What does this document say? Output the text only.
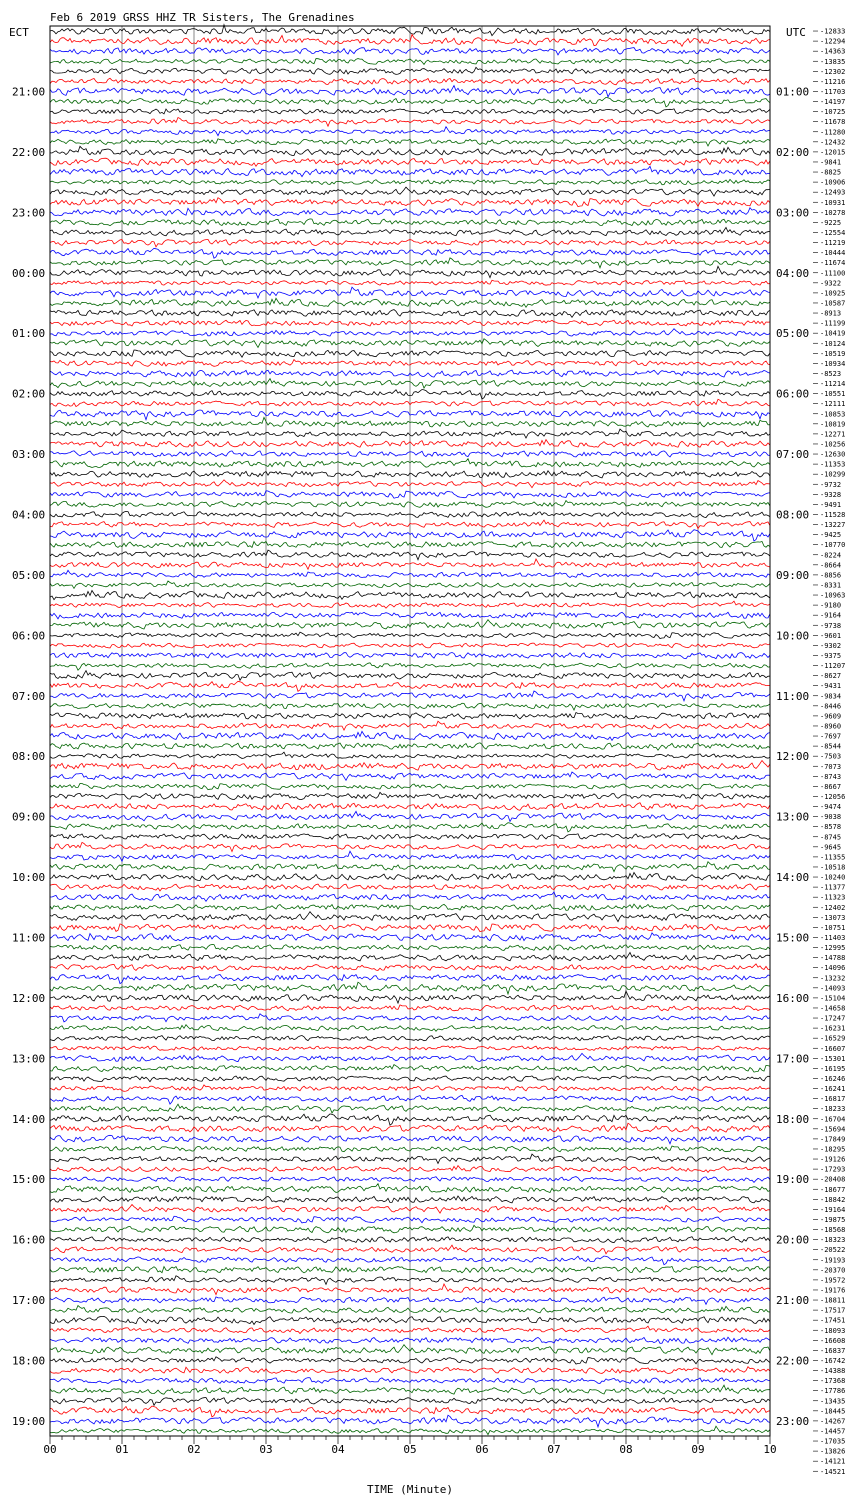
Feb 6 2019 GRSS HHZ TR Sisters, The Grenadines
ECT	UTC
21:00
22:00
23:00
00:00
01:00
02:00
03:00
04:00
05:00
06:00
07:00
08:00
09:00
10:00
11:00
12:00
13:00
14:00
15:00
16:00
17:00
18:00
19:00
01:00
02:00
03:00
04:00
05:00
06:00
07:00
08:00
09:00
10:00
11:00
12:00
13:00
14:00
15:00
16:00
17:00
18:00
19:00
20:00
21:00
22:00
23:00
-12833
-12294
-14363
-13835
-12302
-11216
-11703
-14197
-10725
-11678
-11280
-12432
-12015
-9841
-8825
-10906
-12493
-10931
-10278
-9225
-12554
-11219
-10444
-11674
-11100
-9322
-10925
-10587
-8913
-11199
-10419
-10124
-10519
-10934
-8523
-11214
-10551
-12111
-10853
-10819
-12271
-10256
-12630
-11353
-10299
-9732
-9328
-9491
-11528
-13227
-9425
-10770
-8224
-8664
-8856
-8331
-10963
-9180
-9164
-9738
-9601
-9302
-9375
-11207
-8627
-9431
-9834
-8446
-9609
-8960
-7697
-8544
-7503
-7073
-8743
-8667
-12056
-9474
-9038
-8578
-8745
-9645
-11355
-10518
-10240
-11377
-11323
-12402
-13073
-10751
-11403
-12995
-14788
-14096
-13232
-14093
-15104
-14658
-17247
-16231
-16529
-16607
-15301
-16195
-16246
-16241
-16817
-18233
-16704
-15694
-17849
-18295
-19126
-17293
-20408
-18677
-18842
-19164
-19875
-18568
-18323
-20522
-19193
-20370
-19572
-19176
-18811
-17517
-17451
-18093
-16608
-16837
-16742
-14388
-17368
-17786
-13435
-18445
-14267
-14457
-17035
-13826
-14121
-14521
00	01	02	03	04	05	06	07	08	09	10
TIME (Minute)
